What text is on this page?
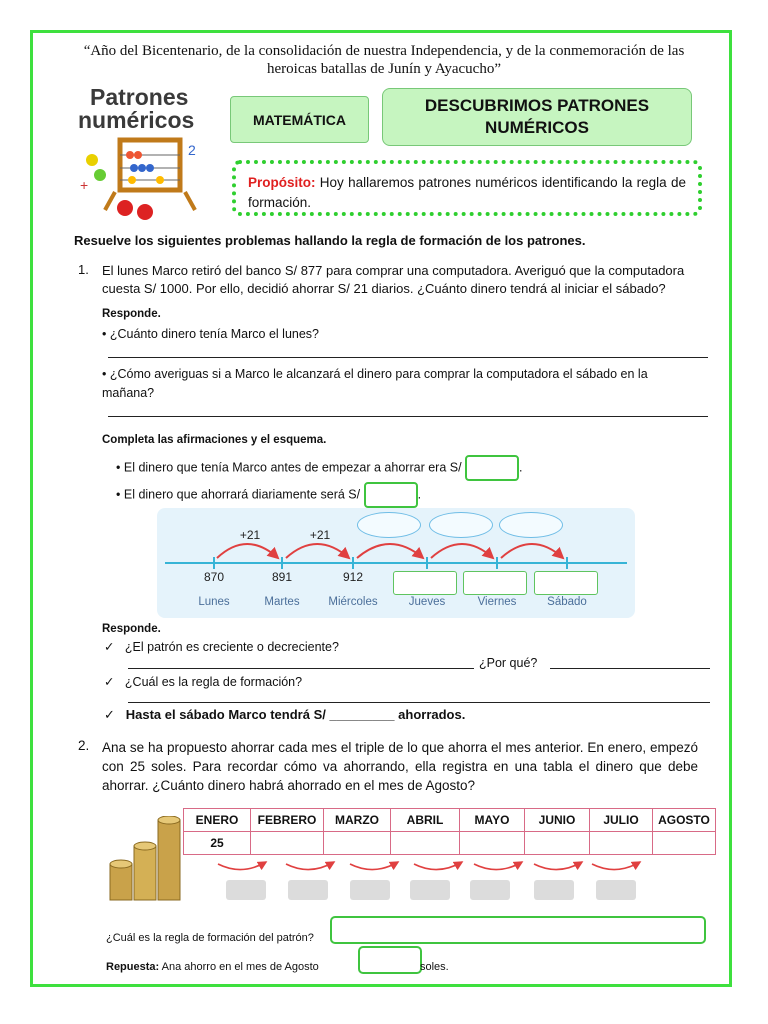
“Año del Bicentenario, de la consolidación de nuestra Independencia, y de la conmemoración de las heroicas batallas de Junín y Ayacucho”
Patrones
numéricos
2
+
MATEMÁTICA
DESCUBRIMOS PATRONES NUMÉRICOS
Propósito: Hoy hallaremos patrones numéricos identificando la regla de formación.
Resuelve los siguientes problemas hallando la regla de formación de los patrones.
1. El lunes Marco retiró del banco S/ 877 para comprar una computadora. Averiguó que la computadora cuesta S/ 1000. Por ello, decidió ahorrar S/ 21 diarios. ¿Cuánto dinero tendrá al iniciar el sábado?
Responde.
• ¿Cuánto dinero tenía Marco el lunes?
• ¿Cómo averiguas si a Marco le alcanzará el dinero para comprar la computadora el sábado en la mañana?
Completa las afirmaciones y el esquema.
• El dinero que tenía Marco antes de empezar a ahorrar era S/	.
• El dinero que ahorrará diariamente será S/	.
+21	+21
870	891	912
Lunes	Martes	Miércoles	Jueves	Viernes	Sábado
Responde.
✓   ¿El patrón es creciente o decreciente?
¿Por qué?
✓   ¿Cuál es la regla de formación?
✓   Hasta el sábado Marco tendrá S/ _________ ahorrados.
2. Ana se ha propuesto ahorrar cada mes el triple de lo que ahorra el mes anterior. En enero, empezó con 25 soles. Para recordar cómo va ahorrando, ella registra en una tabla el dinero que debe ahorrar. ¿Cuánto dinero habrá ahorrado en el mes de Agosto?
ENERO	FEBRERO	MARZO	ABRIL	MAYO	JUNIO	JULIO	AGOSTO
25							
¿Cuál es la regla de formación del patrón?
Repuesta: Ana ahorro en el mes de Agosto	soles.
